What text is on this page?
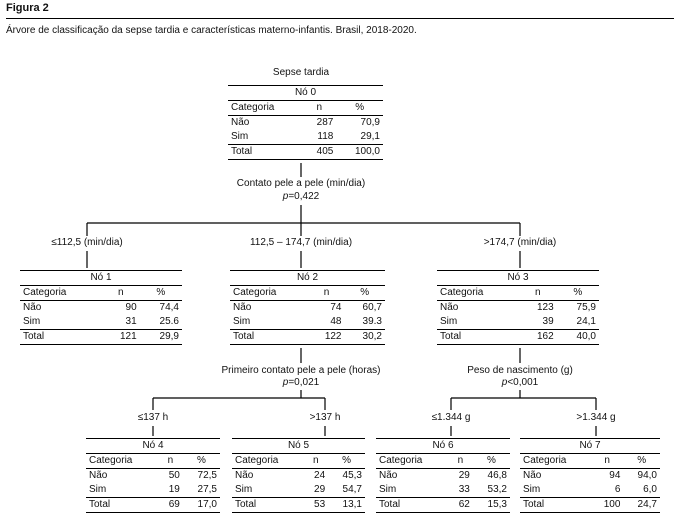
Figura 2
Árvore de classificação da sepse tardia e características materno-infantis. Brasil, 2018-2020.
Sepse tardia
Nó 0
Categoria	n	%
Não	287	70,9
Sim	118	29,1
Total	405	100,0
Contato pele a pele (min/dia)
p=0,422
≤112,5 (min/dia)	112,5 – 174,7 (min/dia)	>174,7 (min/dia)
Nó 1
Categoria	n	%
Não	90	74,4
Sim	31	25.6
Total	121	29,9
Nó 2
Categoria	n	%
Não	74	60,7
Sim	48	39.3
Total	122	30,2
Nó 3
Categoria	n	%
Não	123	75,9
Sim	39	24,1
Total	162	40,0
Primeiro contato pele a pele (horas)
p=0,021
≤137 h	>137 h
Peso de nascimento (g)
p<0,001
≤1.344 g	>1.344 g
Nó 4
Categoria	n	%
Não	50	72,5
Sim	19	27,5
Total	69	17,0
Nó 5
Categoria	n	%
Não	24	45,3
Sim	29	54,7
Total	53	13,1
Nó 6
Categoria	n	%
Não	29	46,8
Sim	33	53,2
Total	62	15,3
Nó 7
Categoria	n	%
Não	94	94,0
Sim	6	6,0
Total	100	24,7
